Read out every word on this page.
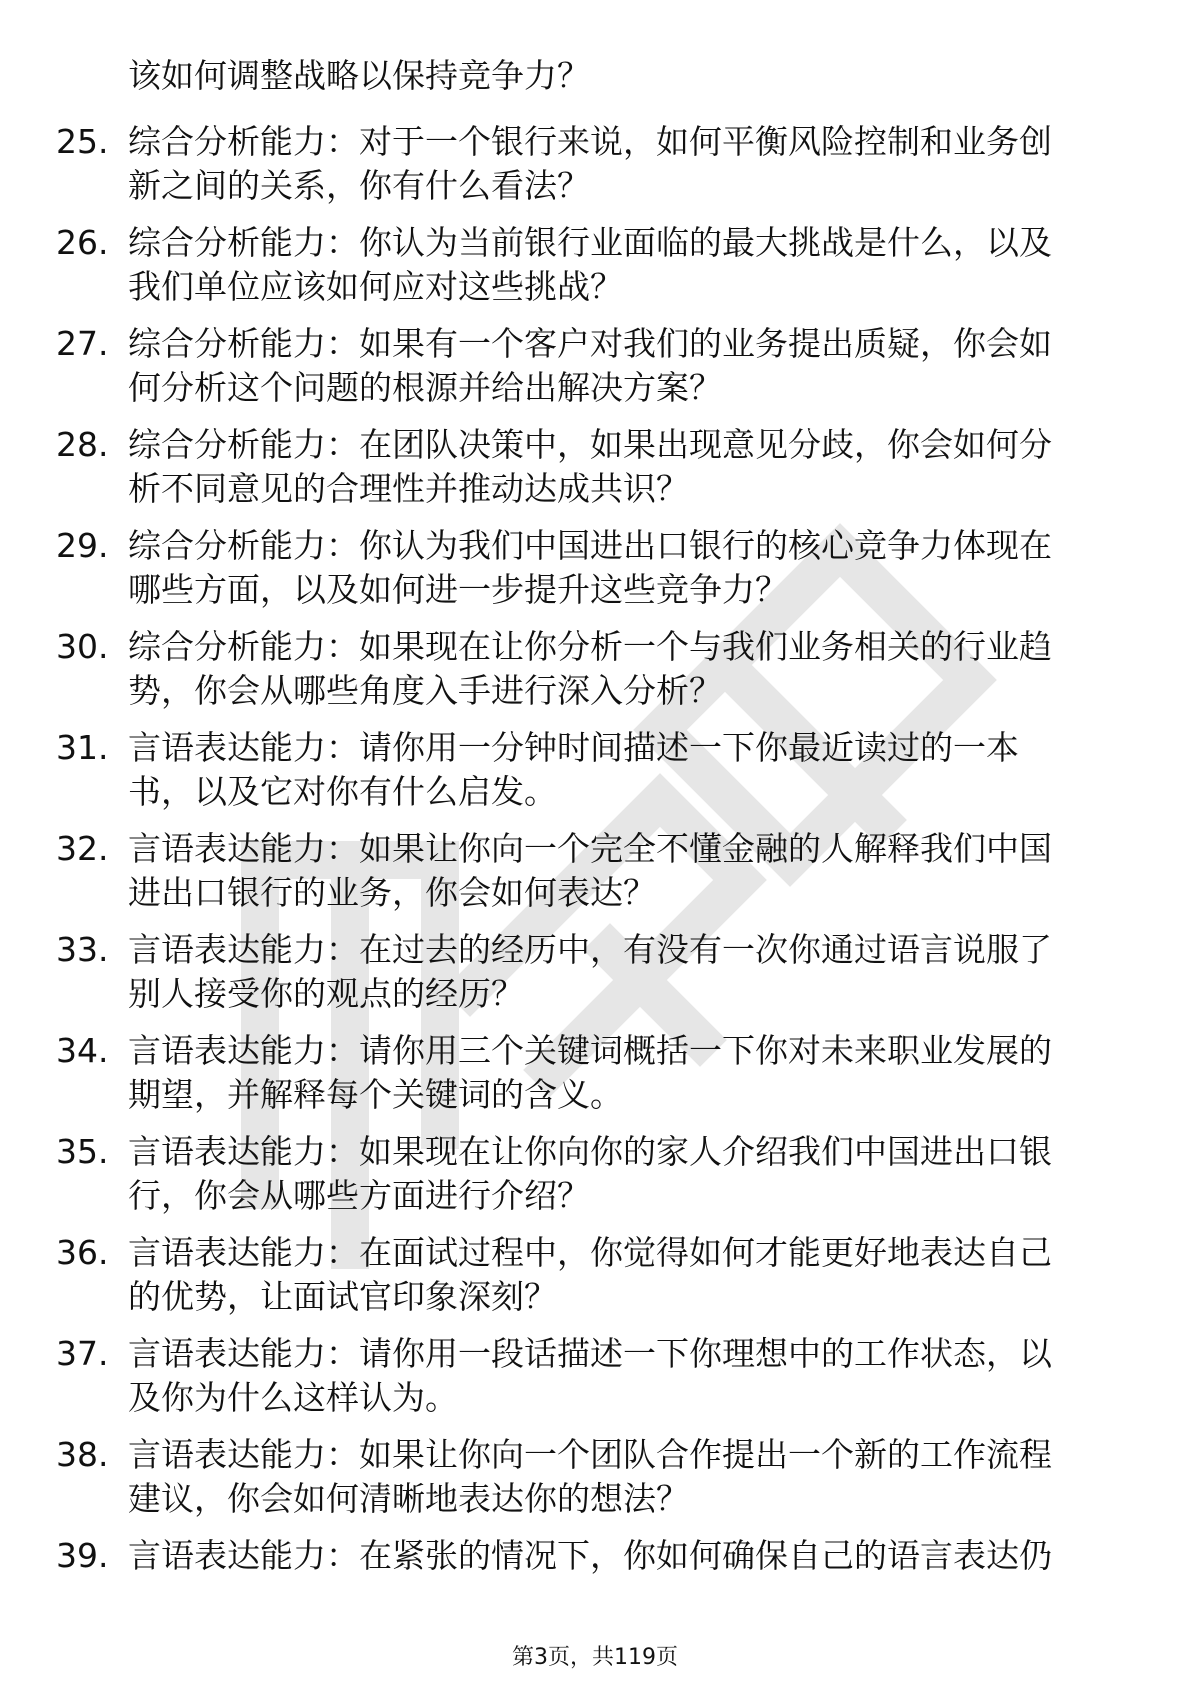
该如何调整战略以保持竞争力？
25. 综合分析能力：对于一个银行来说，如何平衡风险控制和业务创
新之间的关系，你有什么看法？
26. 综合分析能力：你认为当前银行业面临的最大挑战是什么，以及
我们单位应该如何应对这些挑战？
27. 综合分析能力：如果有一个客户对我们的业务提出质疑，你会如
何分析这个问题的根源并给出解决方案？
28. 综合分析能力：在团队决策中，如果出现意见分歧，你会如何分
析不同意见的合理性并推动达成共识？
29. 综合分析能力：你认为我们中国进出口银行的核心竞争力体现在
哪些方面，以及如何进一步提升这些竞争力？
30. 综合分析能力：如果现在让你分析一个与我们业务相关的行业趋
势，你会从哪些角度入手进行深入分析？
31. 言语表达能力：请你用一分钟时间描述一下你最近读过的一本
书，以及它对你有什么启发。
32. 言语表达能力：如果让你向一个完全不懂金融的人解释我们中国
进出口银行的业务，你会如何表达？
33. 言语表达能力：在过去的经历中，有没有一次你通过语言说服了
别人接受你的观点的经历？
34. 言语表达能力：请你用三个关键词概括一下你对未来职业发展的
期望，并解释每个关键词的含义。
35. 言语表达能力：如果现在让你向你的家人介绍我们中国进出口银
行，你会从哪些方面进行介绍？
36. 言语表达能力：在面试过程中，你觉得如何才能更好地表达自己
的优势，让面试官印象深刻？
37. 言语表达能力：请你用一段话描述一下你理想中的工作状态，以
及你为什么这样认为。
38. 言语表达能力：如果让你向一个团队合作提出一个新的工作流程
建议，你会如何清晰地表达你的想法？
39. 言语表达能力：在紧张的情况下，你如何确保自己的语言表达仍
第3页，共119页
